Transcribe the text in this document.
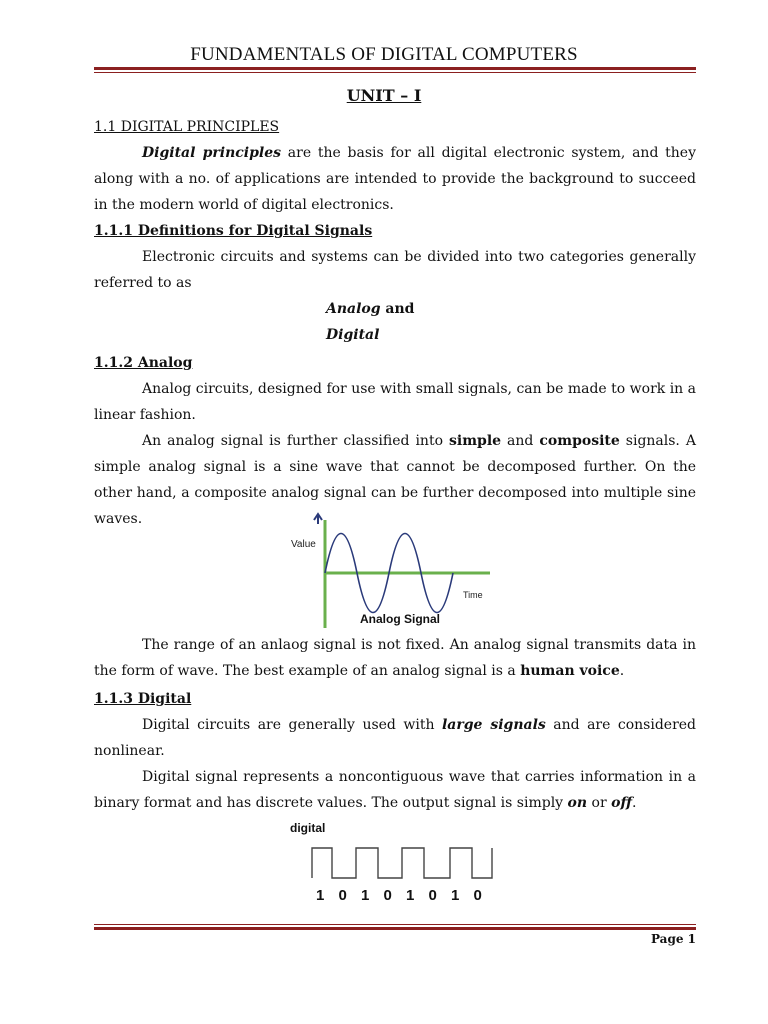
FUNDAMENTALS OF DIGITAL COMPUTERS
UNIT – I
1.1 DIGITAL PRINCIPLES

Digital principles are the basis for all digital electronic system, and they along with a no. of applications are intended to provide the background to succeed in the modern world of digital electronics.

1.1.1 Definitions for Digital Signals

Electronic circuits and systems can be divided into two categories generally referred to as

Analog and
Digital
1.1.2 Analog

Analog circuits, designed for use with small signals, can be made to work in a linear fashion.

An analog signal is further classified into simple and composite signals. A simple analog signal is a sine wave that cannot be decomposed further. On the other hand, a composite analog signal can be further decomposed into multiple sine waves.

Value
Time
Analog Signal

The range of an anlaog signal is not fixed. An analog signal transmits data in the form of wave. The best example of an analog signal is a human voice.

1.1.3 Digital

Digital circuits are generally used with large signals and are considered nonlinear.

Digital signal represents a noncontiguous wave that carries information in a binary format and has discrete values. The output signal is simply on or off.

digital
1 0 1 0 1 0 1 0
Page 1
